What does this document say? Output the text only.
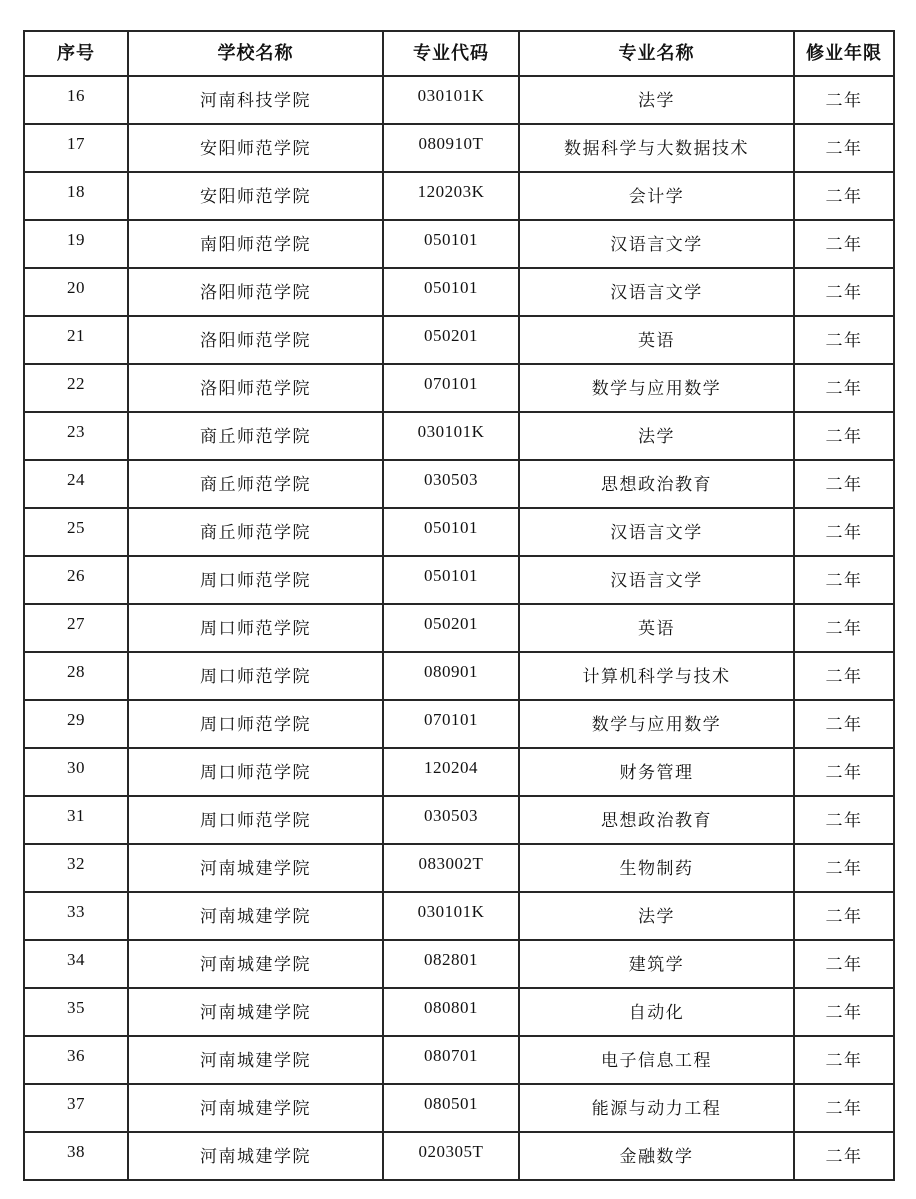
序号	学校名称	专业代码	专业名称	修业年限
16	河南科技学院	030101K	法学	二年
17	安阳师范学院	080910T	数据科学与大数据技术	二年
18	安阳师范学院	120203K	会计学	二年
19	南阳师范学院	050101	汉语言文学	二年
20	洛阳师范学院	050101	汉语言文学	二年
21	洛阳师范学院	050201	英语	二年
22	洛阳师范学院	070101	数学与应用数学	二年
23	商丘师范学院	030101K	法学	二年
24	商丘师范学院	030503	思想政治教育	二年
25	商丘师范学院	050101	汉语言文学	二年
26	周口师范学院	050101	汉语言文学	二年
27	周口师范学院	050201	英语	二年
28	周口师范学院	080901	计算机科学与技术	二年
29	周口师范学院	070101	数学与应用数学	二年
30	周口师范学院	120204	财务管理	二年
31	周口师范学院	030503	思想政治教育	二年
32	河南城建学院	083002T	生物制药	二年
33	河南城建学院	030101K	法学	二年
34	河南城建学院	082801	建筑学	二年
35	河南城建学院	080801	自动化	二年
36	河南城建学院	080701	电子信息工程	二年
37	河南城建学院	080501	能源与动力工程	二年
38	河南城建学院	020305T	金融数学	二年
